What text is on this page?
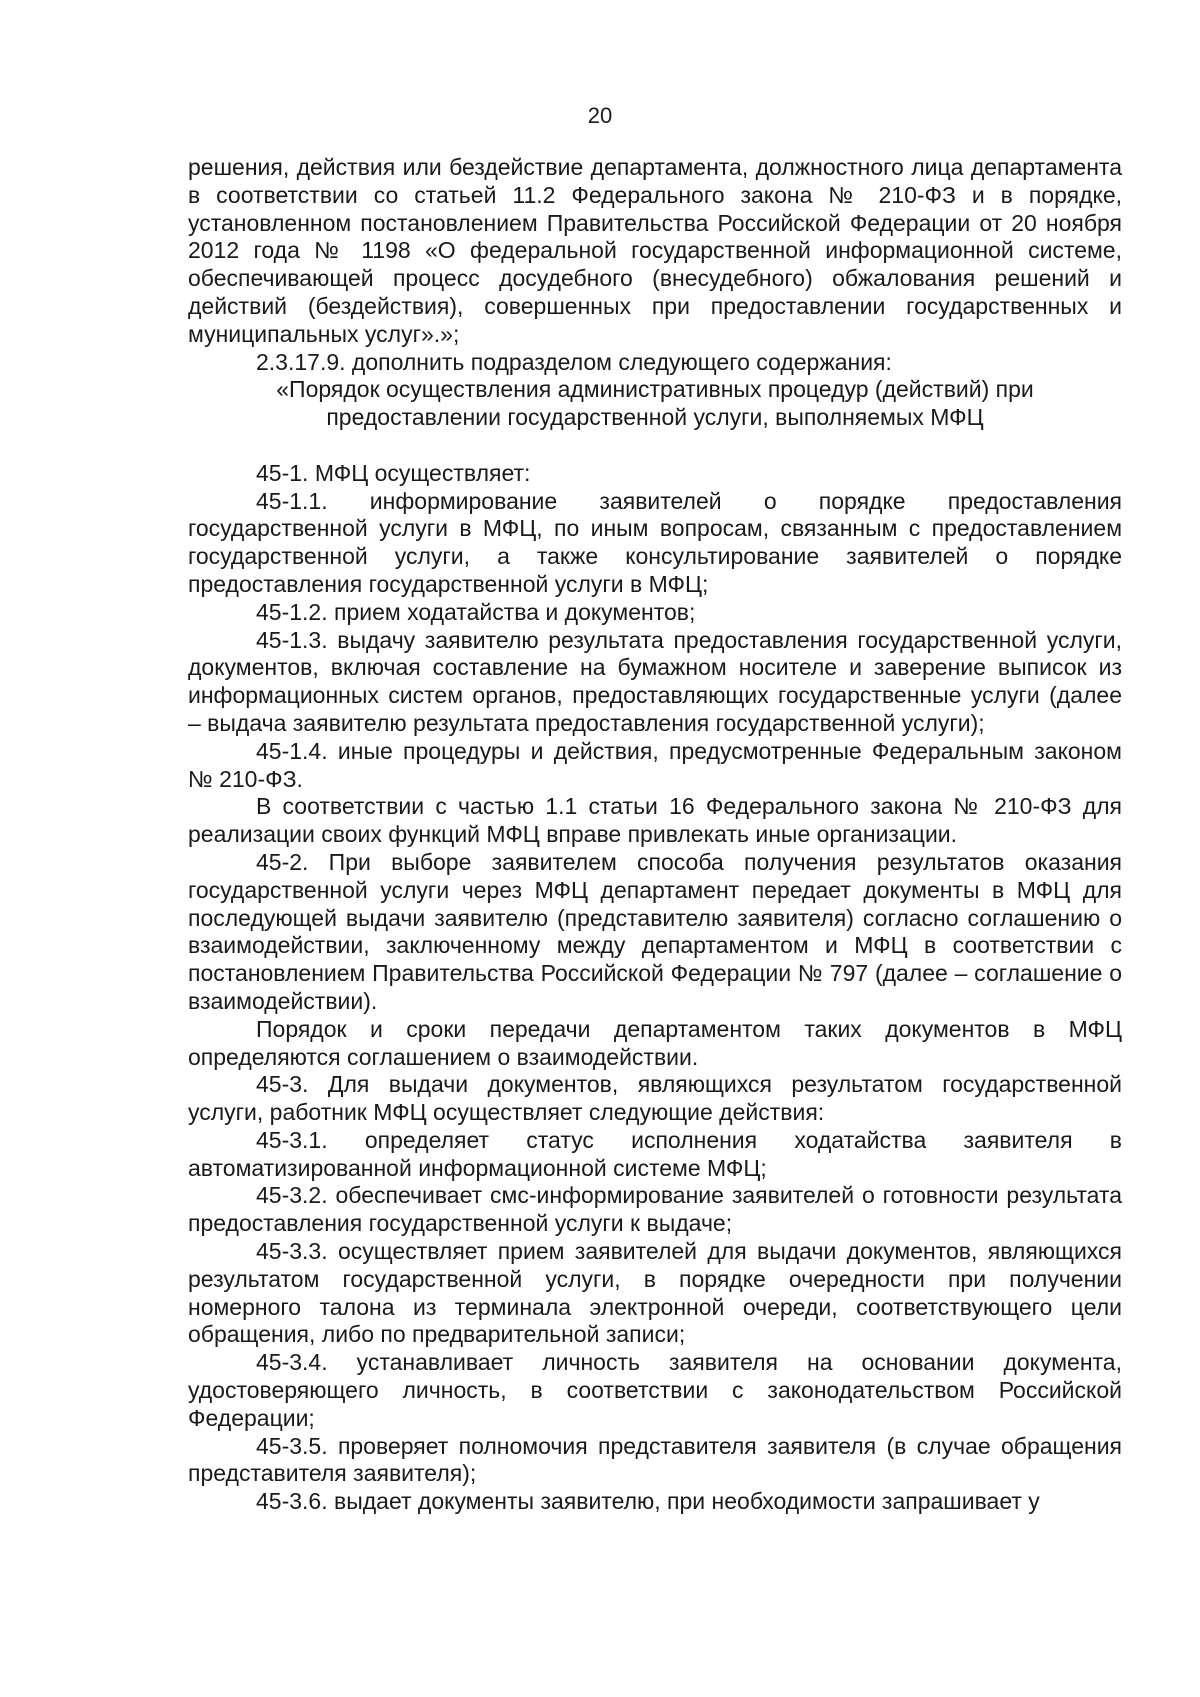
20

решения, действия или бездействие департамента, должностного лица департамента в соответствии со статьей 11.2 Федерального закона № 210-ФЗ и в порядке, установленном постановлением Правительства Российской Федерации от 20 ноября 2012 года № 1198 «О федеральной государственной информационной системе, обеспечивающей процесс досудебного (внесудебного) обжалования решений и действий (бездействия), совершенных при предоставлении государственных и муниципальных услуг».»;

2.3.17.9. дополнить подразделом следующего содержания:

«Порядок осуществления административных процедур (действий) при

предоставлении государственной услуги, выполняемых МФЦ

45-1. МФЦ осуществляет:

45-1.1. информирование заявителей о порядке предоставления государственной услуги в МФЦ, по иным вопросам, связанным с предоставлением государственной услуги, а также консультирование заявителей о порядке предоставления государственной услуги в МФЦ;

45-1.2. прием ходатайства и документов;

45-1.3. выдачу заявителю результата предоставления государственной услуги, документов, включая составление на бумажном носителе и заверение выписок из информационных систем органов, предоставляющих государственные услуги (далее – выдача заявителю результата предоставления государственной услуги);

45-1.4. иные процедуры и действия, предусмотренные Федеральным законом № 210-ФЗ.

В соответствии с частью 1.1 статьи 16 Федерального закона № 210-ФЗ для реализации своих функций МФЦ вправе привлекать иные организации.

45-2. При выборе заявителем способа получения результатов оказания государственной услуги через МФЦ департамент передает документы в МФЦ для последующей выдачи заявителю (представителю заявителя) согласно соглашению о взаимодействии, заключенному между департаментом и МФЦ в соответствии с постановлением Правительства Российской Федерации № 797 (далее – соглашение о взаимодействии).

Порядок и сроки передачи департаментом таких документов в МФЦ определяются соглашением о взаимодействии.

45-3. Для выдачи документов, являющихся результатом государственной услуги, работник МФЦ осуществляет следующие действия:

45-3.1. определяет статус исполнения ходатайства заявителя в автоматизированной информационной системе МФЦ;

45-3.2. обеспечивает смс-информирование заявителей о готовности результата предоставления государственной услуги к выдаче;

45-3.3. осуществляет прием заявителей для выдачи документов, являющихся результатом государственной услуги, в порядке очередности при получении номерного талона из терминала электронной очереди, соответствующего цели обращения, либо по предварительной записи;

45-3.4. устанавливает личность заявителя на основании документа, удостоверяющего личность, в соответствии с законодательством Российской Федерации;

45-3.5. проверяет полномочия представителя заявителя (в случае обращения представителя заявителя);

45-3.6. выдает документы заявителю, при необходимости запрашивает у
